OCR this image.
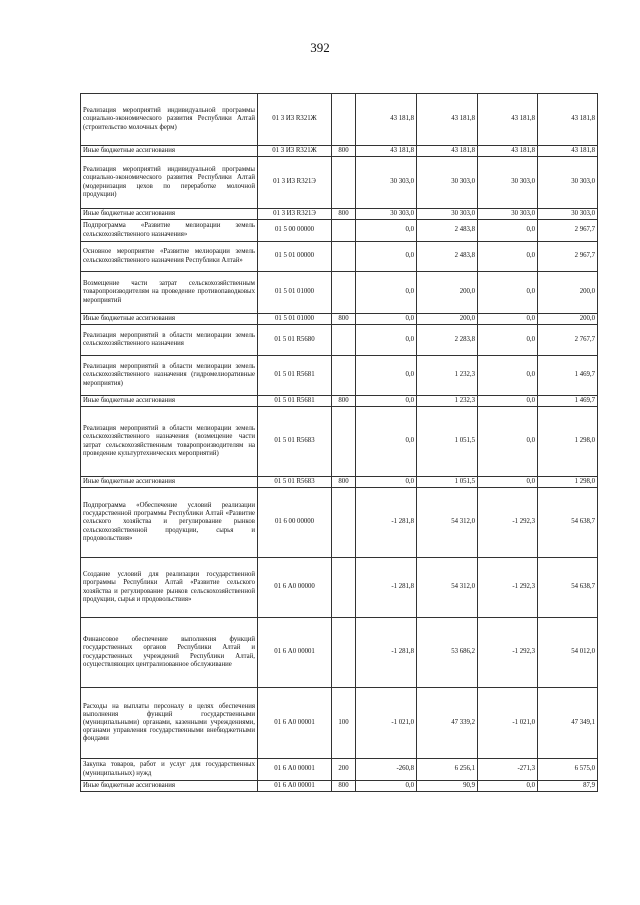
392
Реализация мероприятий индивидуальной программы социально-экономического развития Республики Алтай (строительство молочных ферм)	01 3 И3 R321Ж		43 181,8	43 181,8	43 181,8	43 181,8
Иные бюджетные ассигнования	01 3 И3 R321Ж	800	43 181,8	43 181,8	43 181,8	43 181,8
Реализация мероприятий индивидуальной программы социально-экономического развития Республики Алтай (модернизация цехов по переработке молочной продукции)	01 3 И3 R321Э		30 303,0	30 303,0	30 303,0	30 303,0
Иные бюджетные ассигнования	01 3 И3 R321Э	800	30 303,0	30 303,0	30 303,0	30 303,0
Подпрограмма «Развитие мелиорации земель сельскохозяйственного назначения»	01 5 00 00000		0,0	2 483,8	0,0	2 967,7
Основное мероприятие «Развитие мелиорации земель сельскохозяйственного назначения Республики Алтай»	01 5 01 00000		0,0	2 483,8	0,0	2 967,7
Возмещение части затрат сельскохозяйственным товаропроизводителям на проведение противопаводковых мероприятий	01 5 01 01000		0,0	200,0	0,0	200,0
Иные бюджетные ассигнования	01 5 01 01000	800	0,0	200,0	0,0	200,0
Реализация мероприятий в области мелиорации земель сельскохозяйственного назначения	01 5 01 R5680		0,0	2 283,8	0,0	2 767,7
Реализация мероприятий в области мелиорации земель сельскохозяйственного назначения (гидромелиоративные мероприятия)	01 5 01 R5681		0,0	1 232,3	0,0	1 469,7
Иные бюджетные ассигнования	01 5 01 R5681	800	0,0	1 232,3	0,0	1 469,7
Реализация мероприятий в области мелиорации земель сельскохозяйственного назначения (возмещение части затрат сельскохозяйственным товаропроизводителям на проведение культуртехнических мероприятий)	01 5 01 R5683		0,0	1 051,5	0,0	1 298,0
Иные бюджетные ассигнования	01 5 01 R5683	800	0,0	1 051,5	0,0	1 298,0
Подпрограмма «Обеспечение условий реализации государственной программы Республики Алтай «Развитие сельского хозяйства и регулирование рынков сельскохозяйственной продукции, сырья и продовольствия»	01 6 00 00000		-1 281,8	54 312,0	-1 292,3	54 638,7
Создание условий для реализации государственной программы Республики Алтай «Развитие сельского хозяйства и регулирование рынков сельскохозяйственной продукции, сырья и продовольствия»	01 6 А0 00000		-1 281,8	54 312,0	-1 292,3	54 638,7
Финансовое обеспечение выполнения функций государственных органов Республики Алтай и государственных учреждений Республики Алтай, осуществляющих централизованное обслуживание	01 6 А0 00001		-1 281,8	53 686,2	-1 292,3	54 012,0
Расходы на выплаты персоналу в целях обеспечения выполнения функций государственными (муниципальными) органами, казенными учреждениями, органами управления государственными внебюджетными фондами	01 6 А0 00001	100	-1 021,0	47 339,2	-1 021,0	47 349,1
Закупка товаров, работ и услуг для государственных (муниципальных) нужд	01 6 А0 00001	200	-260,8	6 256,1	-271,3	6 575,0
Иные бюджетные ассигнования	01 6 А0 00001	800	0,0	90,9	0,0	87,9
